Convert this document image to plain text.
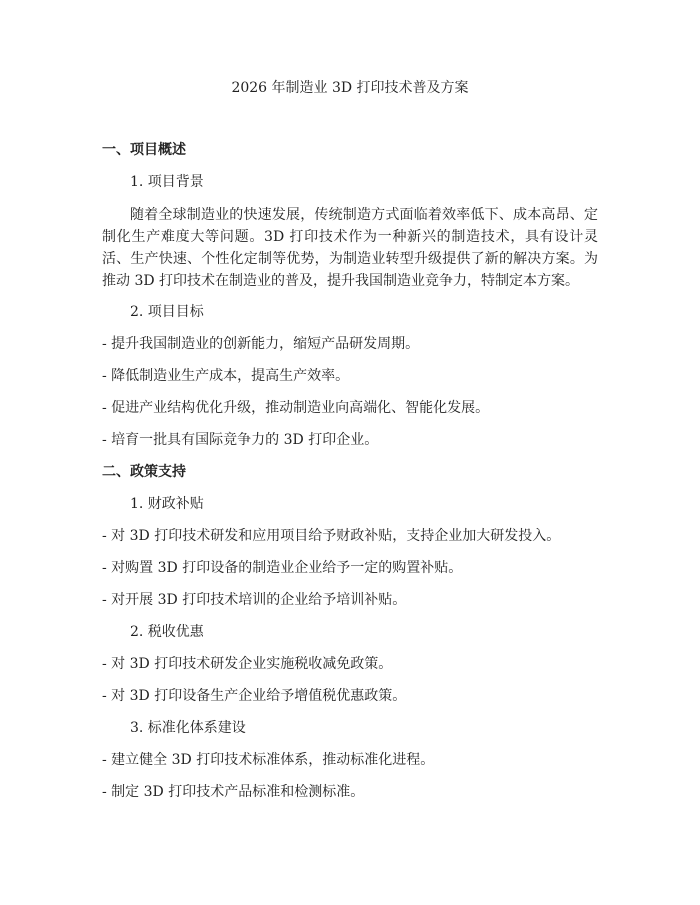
2026 年制造业 3D 打印技术普及方案
一、项目概述
1. 项目背景

随着全球制造业的快速发展，传统制造方式面临着效率低下、成本高昂、定制化生产难度大等问题。3D 打印技术作为一种新兴的制造技术，具有设计灵活、生产快速、个性化定制等优势，为制造业转型升级提供了新的解决方案。为推动 3D 打印技术在制造业的普及，提升我国制造业竞争力，特制定本方案。

2. 项目目标
- 提升我国制造业的创新能力，缩短产品研发周期。
- 降低制造业生产成本，提高生产效率。
- 促进产业结构优化升级，推动制造业向高端化、智能化发展。
- 培育一批具有国际竞争力的 3D 打印企业。
二、政策支持
1. 财政补贴
- 对 3D 打印技术研发和应用项目给予财政补贴，支持企业加大研发投入。
- 对购置 3D 打印设备的制造业企业给予一定的购置补贴。
- 对开展 3D 打印技术培训的企业给予培训补贴。
2. 税收优惠
- 对 3D 打印技术研发企业实施税收减免政策。
- 对 3D 打印设备生产企业给予增值税优惠政策。
3. 标准化体系建设
- 建立健全 3D 打印技术标准体系，推动标准化进程。
- 制定 3D 打印技术产品标准和检测标准。
